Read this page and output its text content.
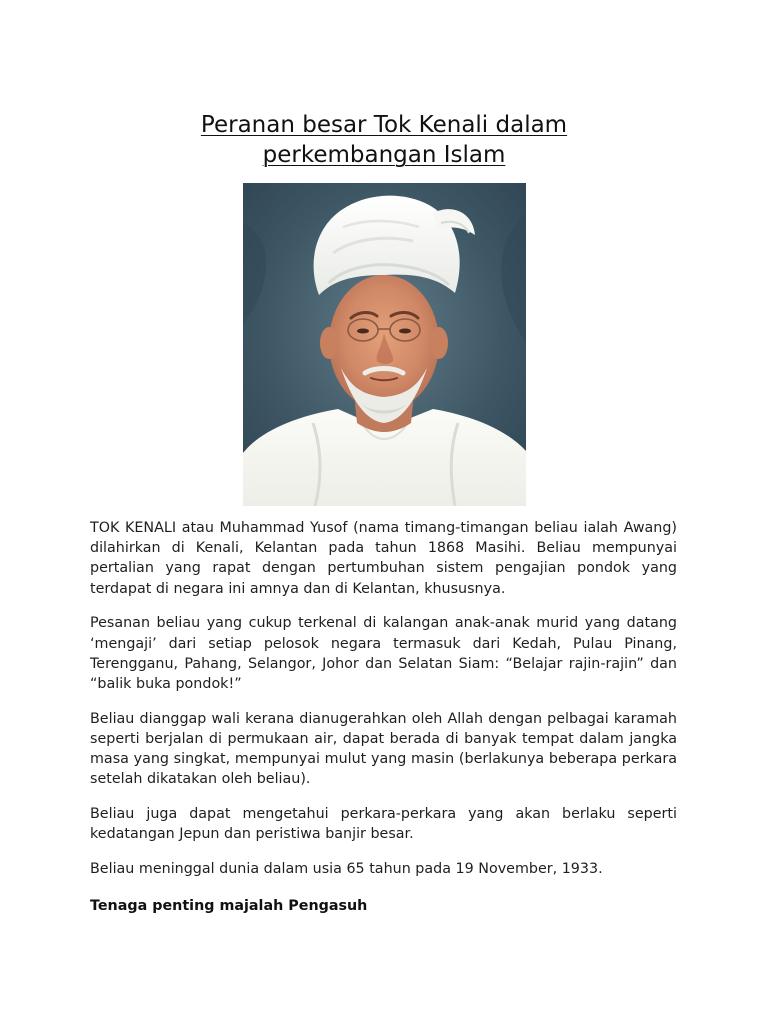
Peranan besar Tok Kenali dalam
perkembangan Islam

TOK KENALI atau Muhammad Yusof (nama timang-timangan beliau ialah Awang) dilahirkan di Kenali, Kelantan pada tahun 1868 Masihi. Beliau mempunyai pertalian yang rapat dengan pertumbuhan sistem pengajian pondok yang terdapat di negara ini amnya dan di Kelantan, khususnya.

Pesanan beliau yang cukup terkenal di kalangan anak-anak murid yang datang ‘mengaji’ dari setiap pelosok negara termasuk dari Kedah, Pulau Pinang, Terengganu, Pahang, Selangor, Johor dan Selatan Siam: “Belajar rajin-rajin” dan “balik buka pondok!”

Beliau dianggap wali kerana dianugerahkan oleh Allah dengan pelbagai karamah seperti berjalan di permukaan air, dapat berada di banyak tempat dalam jangka masa yang singkat, mempunyai mulut yang masin (berlakunya beberapa perkara setelah dikatakan oleh beliau).

Beliau juga dapat mengetahui perkara-perkara yang akan berlaku seperti kedatangan Jepun dan peristiwa banjir besar.

Beliau meninggal dunia dalam usia 65 tahun pada 19 November, 1933.

Tenaga penting majalah Pengasuh
